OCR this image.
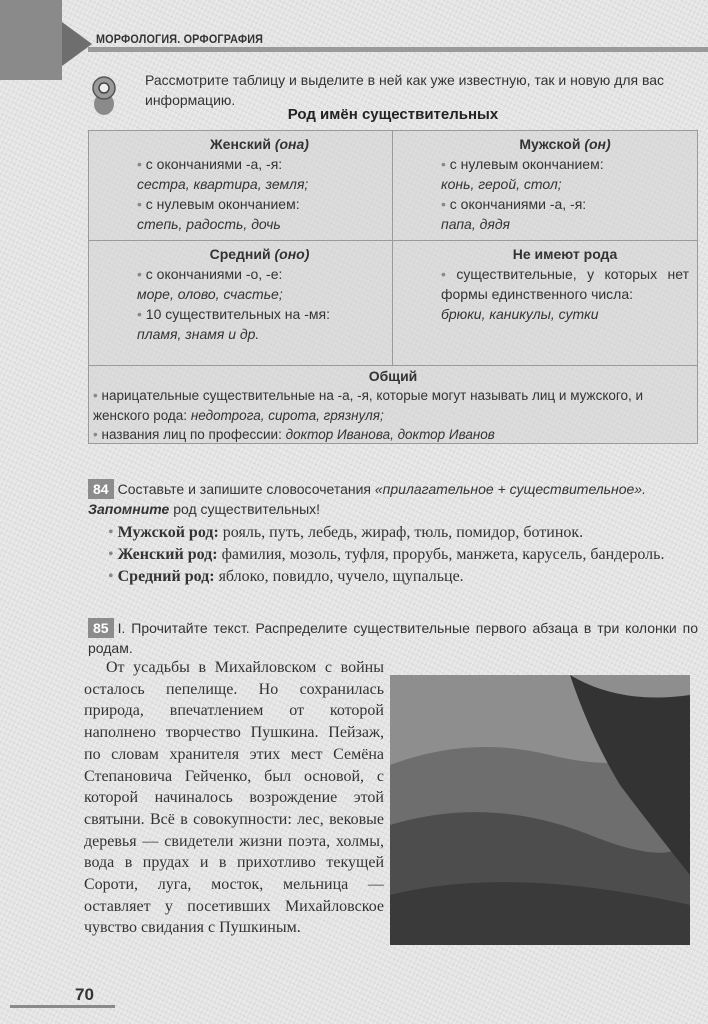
МОРФОЛОГИЯ. ОРФОГРАФИЯ
Рассмотрите таблицу и выделите в ней как уже известную, так и новую для вас информацию.
Род имён существительных
Женский (она)
• с окончаниями -а, -я:
сестра, квартира, земля;
• с нулевым окончанием:
степь, радость, дочь
Мужской (он)
• с нулевым окончанием:
конь, герой, стол;
• с окончаниями -а, -я:
папа, дядя
Средний (оно)
• с окончаниями -о, -е:
море, олово, счастье;
• 10 существительных на -мя:
пламя, знамя и др.
Не имеют рода
• существительные, у которых нет формы единственного числа:
брюки, каникулы, сутки
Общий
• нарицательные существительные на -а, -я, которые могут называть лиц и мужского, и женского рода: недотрога, сирота, грязнуля;
• названия лиц по профессии: доктор Иванова, доктор Иванов
84 Составьте и запишите словосочетания «прилагательное + существительное». Запомните род существительных!

• Мужской род: рояль, путь, лебедь, жираф, тюль, помидор, ботинок.

• Женский род: фамилия, мозоль, туфля, прорубь, манжета, карусель, бандероль.

• Средний род: яблоко, повидло, чучело, щупальце.

85 I. Прочитайте текст. Распределите существительные первого абзаца в три колонки по родам.
От усадьбы в Михайловском с войны осталось пепелище. Но сохранилась природа, впечатлением от которой наполнено творчество Пушкина. Пейзаж, по словам хранителя этих мест Семёна Степановича Гейченко, был основой, с которой начиналось возрождение этой святыни. Всё в совокупности: лес, вековые деревья — свидетели жизни поэта, холмы, вода в прудах и в прихотливо текущей Сороти, луга, мосток, мельница — оставляет у посетивших Михайловское чувство свидания с Пушкиным.
70
